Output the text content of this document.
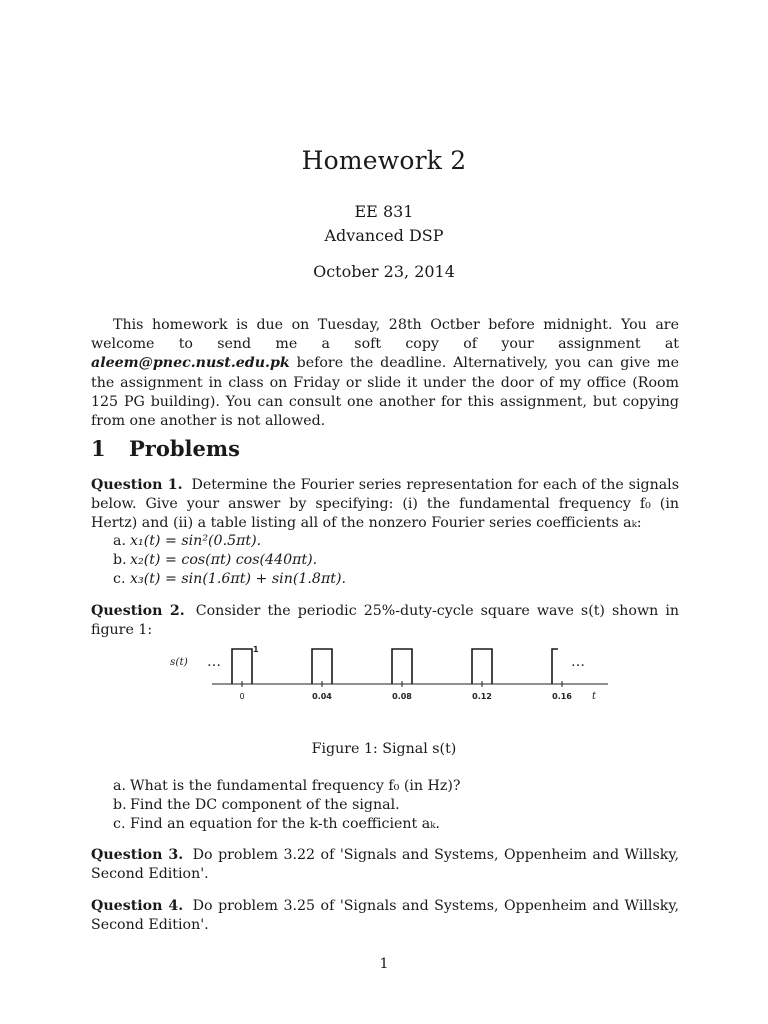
Homework 2
EE 831
Advanced DSP
October 23, 2014

This homework is due on Tuesday, 28th Octber before midnight. You are welcome to send me a soft copy of your assignment at aleem@pnec.nust.edu.pk before the deadline. Alternatively, you can give me the assignment in class on Friday or slide it under the door of my office (Room 125 PG building). You can consult one another for this assignment, but copying from one another is not allowed.

1 Problems

Question 1. Determine the Fourier series representation for each of the signals below. Give your answer by specifying: (i) the fundamental frequency f₀ (in Hertz) and (ii) a table listing all of the nonzero Fourier series coefficients aₖ:

a. x₁(t) = sin²(0.5πt).
b. x₂(t) = cos(πt) cos(440πt).
c. x₃(t) = sin(1.6πt) + sin(1.8πt).

Question 2. Consider the periodic 25%-duty-cycle square wave s(t) shown in figure 1:

s(t) …	…
1
t
0	0.04	0.08	0.12	0.16
Figure 1: Signal s(t)
a. What is the fundamental frequency f₀ (in Hz)?
b. Find the DC component of the signal.
c. Find an equation for the k-th coefficient aₖ.

Question 3. Do problem 3.22 of 'Signals and Systems, Oppenheim and Willsky, Second Edition'.

Question 4. Do problem 3.25 of 'Signals and Systems, Oppenheim and Willsky, Second Edition'.

1
